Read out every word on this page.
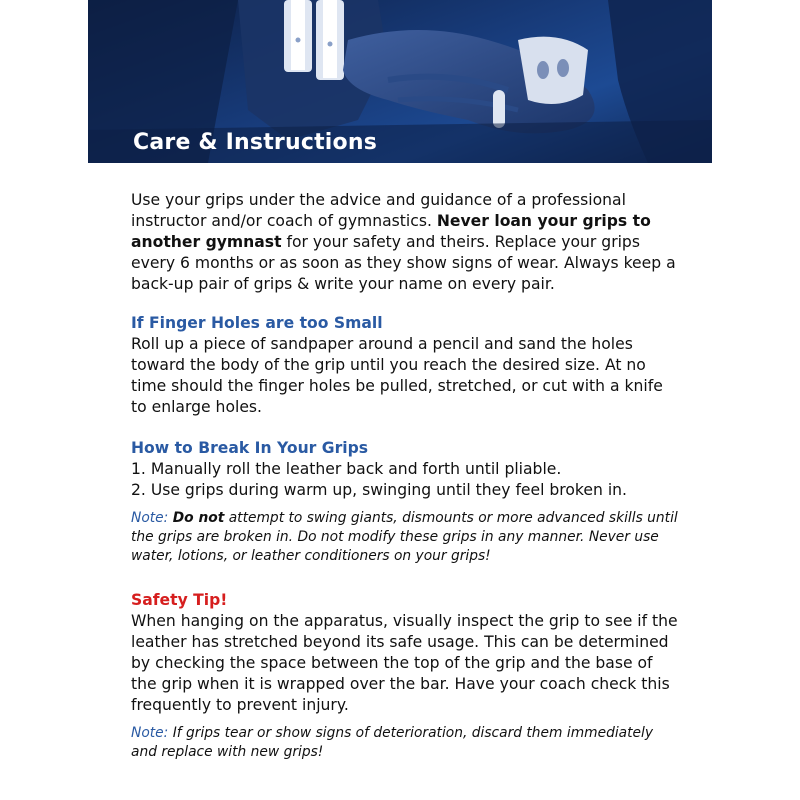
Care & Instructions

Use your grips under the advice and guidance of a professional instructor and/or coach of gymnastics. Never loan your grips to another gymnast for your safety and theirs. Replace your grips every 6 months or as soon as they show signs of wear. Always keep a back-up pair of grips & write your name on every pair.

If Finger Holes are too Small

Roll up a piece of sandpaper around a pencil and sand the holes toward the body of the grip until you reach the desired size. At no time should the finger holes be pulled, stretched, or cut with a knife to enlarge holes.

How to Break In Your Grips

1. Manually roll the leather back and forth until pliable.

2. Use grips during warm up, swinging until they feel broken in.

Note: Do not attempt to swing giants, dismounts or more advanced skills until the grips are broken in. Do not modify these grips in any manner. Never use water, lotions, or leather conditioners on your grips!

Safety Tip!

When hanging on the apparatus, visually inspect the grip to see if the leather has stretched beyond its safe usage. This can be determined by checking the space between the top of the grip and the base of the grip when it is wrapped over the bar. Have your coach check this frequently to prevent injury.

Note: If grips tear or show signs of deterioration, discard them immediately and replace with new grips!
